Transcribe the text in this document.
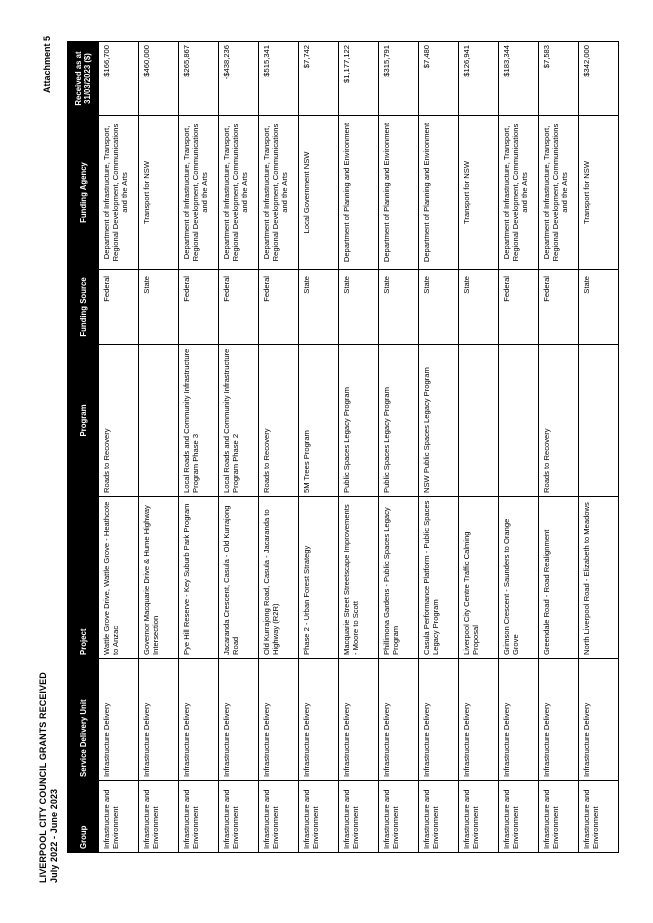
LIVERPOOL CITY COUNCIL GRANTS RECEIVED July 2022 - June 2023
Attachment 5
Group	Service Delivery Unit	Project	Program	Funding Source	Funding Agency	Received as at 31/03/2023 ($)

Infrastructure and Environment	Infrastructure Delivery	Wattle Grove Drive, Wattle Grove - Heathcote to Anzac	Roads to Recovery	Federal	Department of Infrastructure, Transport, Regional Development, Communications and the Arts	$166,700
Infrastructure and Environment	Infrastructure Delivery	Governor Macquarie Drive & Hume Highway Intersection		State	Transport for NSW	$460,000
Infrastructure and Environment	Infrastructure Delivery	Pye Hill Reserve - Key Suburb Park Program	Local Roads and Community Infrastructure Program Phase 3	Federal	Department of Infrastructure, Transport, Regional Development, Communications and the Arts	$265,867
Infrastructure and Environment	Infrastructure Delivery	Jacaranda Crescent, Casula - Old Kurrajong Road	Local Roads and Community Infrastructure Program Phase 2	Federal	Department of Infrastructure, Transport, Regional Development, Communications and the Arts	-$438,236
Infrastructure and Environment	Infrastructure Delivery	Old Kurrajong Road, Casula - Jacaranda to Highway (R2R)	Roads to Recovery	Federal	Department of Infrastructure, Transport, Regional Development, Communications and the Arts	$515,341
Infrastructure and Environment	Infrastructure Delivery	Phase 2 - Urban Forest Strategy	5M Trees Program	State	Local Government NSW	$7,742
Infrastructure and Environment	Infrastructure Delivery	Macquarie Street Streetscape Improvements - Moore to Scott	Public Spaces Legacy Program	State	Department of Planning and Environment	$1,177,122
Infrastructure and Environment	Infrastructure Delivery	Phillimona Gardens - Public Spaces Legacy Program	Public Spaces Legacy Program	State	Department of Planning and Environment	$315,791
Infrastructure and Environment	Infrastructure Delivery	Casula Performance Platform - Public Spaces Legacy Program	NSW Public Spaces Legacy Program	State	Department of Planning and Environment	$7,480
Infrastructure and Environment	Infrastructure Delivery	Liverpool City Centre Traffic Calming Proposal		State	Transport for NSW	$126,941
Infrastructure and Environment	Infrastructure Delivery	Grimson Crescent - Saunders to Orange Grove		Federal	Department of Infrastructure, Transport, Regional Development, Communications and the Arts	$183,344
Infrastructure and Environment	Infrastructure Delivery	Greendale Road - Road Realignment	Roads to Recovery	Federal	Department of Infrastructure, Transport, Regional Development, Communications and the Arts	$7,583
Infrastructure and Environment	Infrastructure Delivery	North Liverpool Road - Elizabeth to Meadows		State	Transport for NSW	$342,000
